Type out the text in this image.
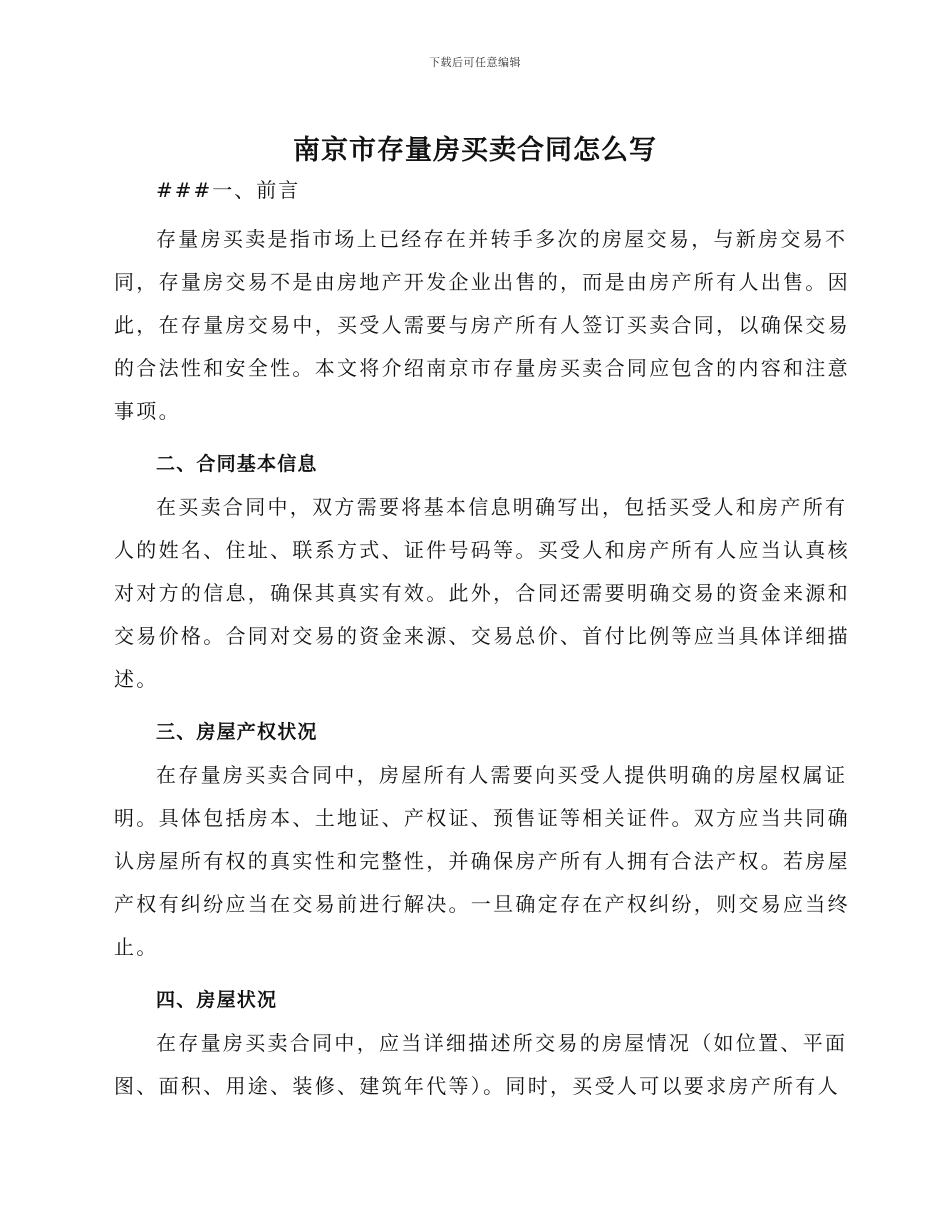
下载后可任意编辑
南京市存量房买卖合同怎么写
###一、前言
存量房买卖是指市场上已经存在并转手多次的房屋交易，与新房交易不
同，存量房交易不是由房地产开发企业出售的，而是由房产所有人出售。因
此，在存量房交易中，买受人需要与房产所有人签订买卖合同，以确保交易
的合法性和安全性。本文将介绍南京市存量房买卖合同应包含的内容和注意
事项。
二、合同基本信息
在买卖合同中，双方需要将基本信息明确写出，包括买受人和房产所有
人的姓名、住址、联系方式、证件号码等。买受人和房产所有人应当认真核
对对方的信息，确保其真实有效。此外，合同还需要明确交易的资金来源和
交易价格。合同对交易的资金来源、交易总价、首付比例等应当具体详细描
述。
三、房屋产权状况
在存量房买卖合同中，房屋所有人需要向买受人提供明确的房屋权属证
明。具体包括房本、土地证、产权证、预售证等相关证件。双方应当共同确
认房屋所有权的真实性和完整性，并确保房产所有人拥有合法产权。若房屋
产权有纠纷应当在交易前进行解决。一旦确定存在产权纠纷，则交易应当终
止。
四、房屋状况
在存量房买卖合同中，应当详细描述所交易的房屋情况（如位置、平面
图、面积、用途、装修、建筑年代等）。同时，买受人可以要求房产所有人
